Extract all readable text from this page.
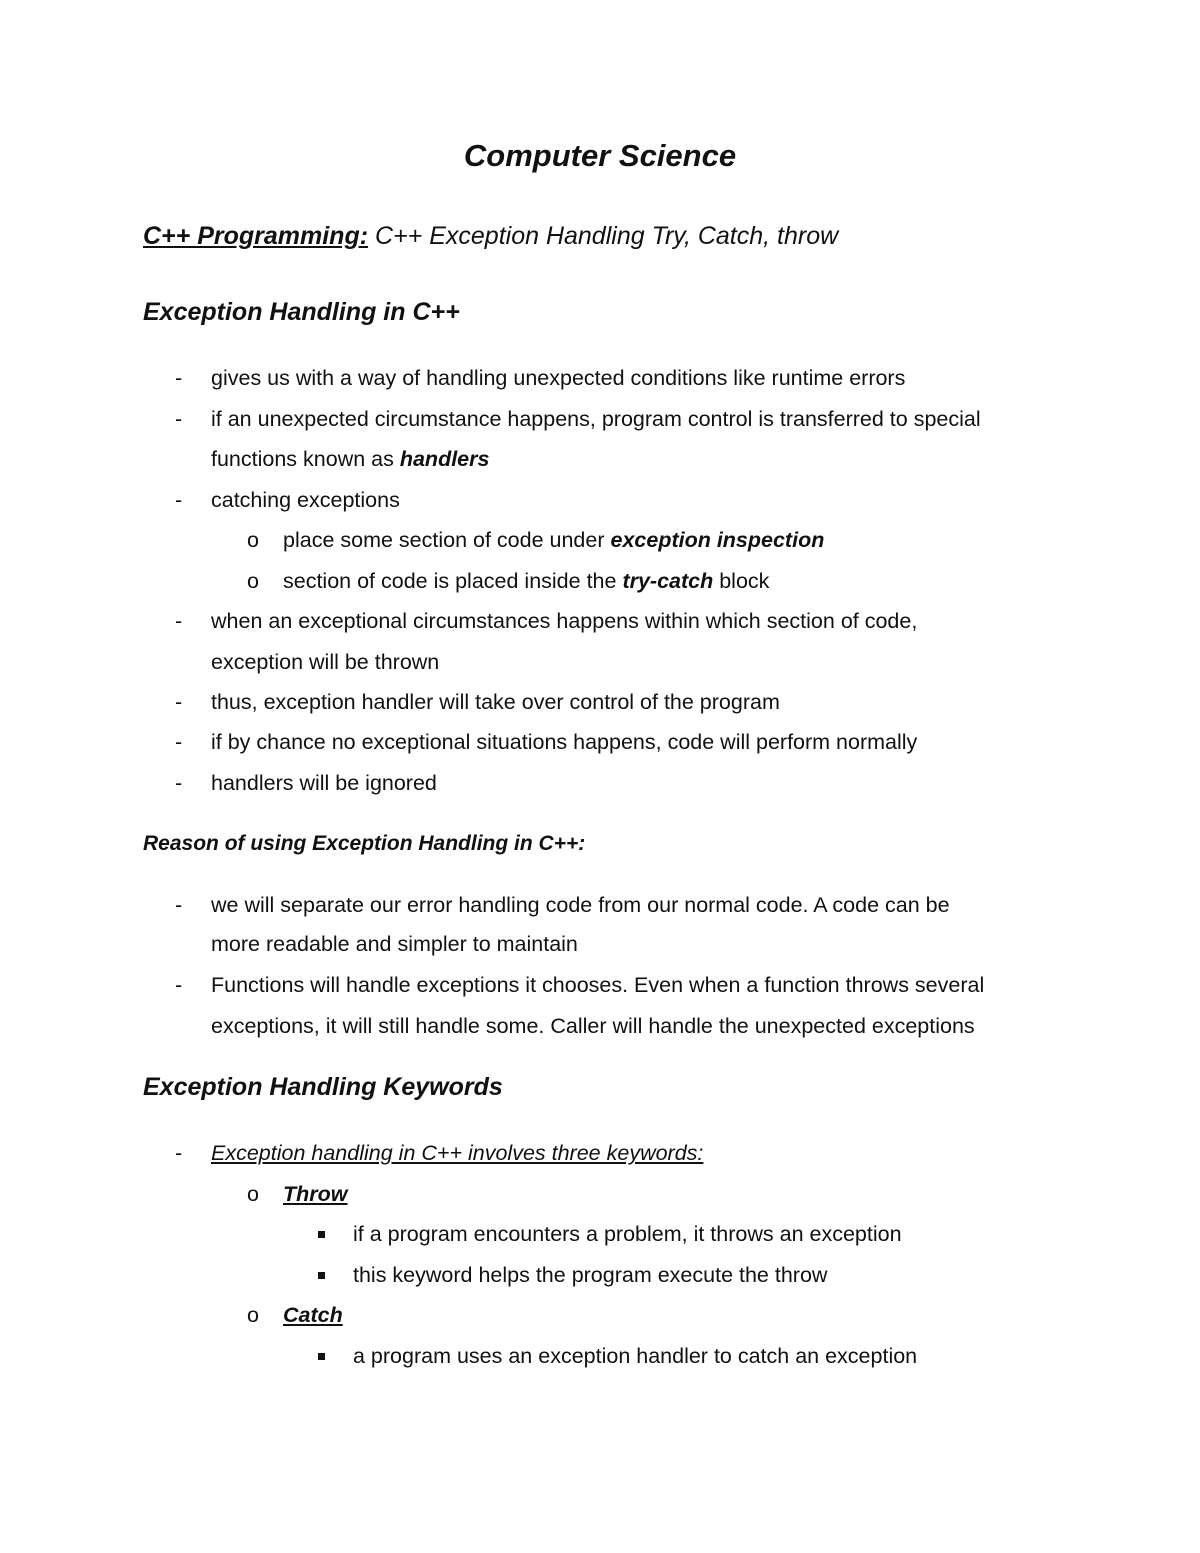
Computer Science

C++ Programming: C++ Exception Handling Try, Catch, throw

Exception Handling in C++
- gives us with a way of handling unexpected conditions like runtime errors

- if an unexpected circumstance happens, program control is transferred to special

functions known as handlers

- catching exceptions

o place some section of code under exception inspection

o section of code is placed inside the try-catch block

- when an exceptional circumstances happens within which section of code,

exception will be thrown

- thus, exception handler will take over control of the program

- if by chance no exceptional situations happens, code will perform normally

- handlers will be ignored

Reason of using Exception Handling in C++:
- we will separate our error handling code from our normal code. A code can be

more readable and simpler to maintain

- Functions will handle exceptions it chooses. Even when a function throws several

exceptions, it will still handle some. Caller will handle the unexpected exceptions

Exception Handling Keywords
- Exception handling in C++ involves three keywords:

o Throw

if a program encounters a problem, it throws an exception

this keyword helps the program execute the throw

o Catch

a program uses an exception handler to catch an exception
